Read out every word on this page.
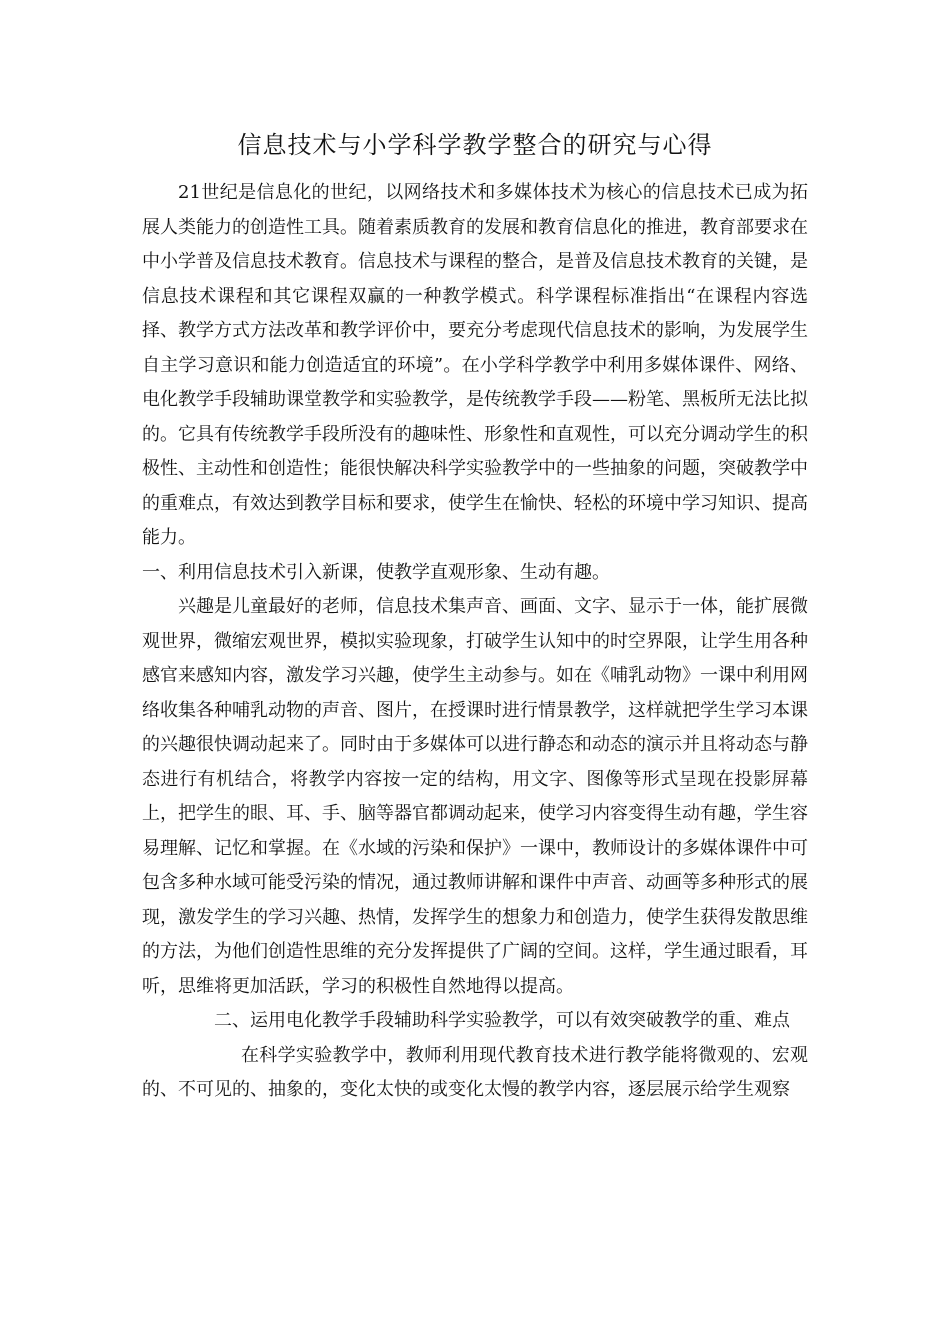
信息技术与小学科学教学整合的研究与心得

21世纪是信息化的世纪，以网络技术和多媒体技术为核心的信息技术已成为拓展人类能力的创造性工具。随着素质教育的发展和教育信息化的推进，教育部要求在中小学普及信息技术教育。信息技术与课程的整合，是普及信息技术教育的关键，是信息技术课程和其它课程双赢的一种教学模式。科学课程标准指出“在课程内容选择、教学方式方法改革和教学评价中，要充分考虑现代信息技术的影响，为发展学生自主学习意识和能力创造适宜的环境”。在小学科学教学中利用多媒体课件、网络、电化教学手段辅助课堂教学和实验教学，是传统教学手段——粉笔、黑板所无法比拟的。它具有传统教学手段所没有的趣味性、形象性和直观性，可以充分调动学生的积极性、主动性和创造性；能很快解决科学实验教学中的一些抽象的问题，突破教学中的重难点，有效达到教学目标和要求，使学生在愉快、轻松的环境中学习知识、提高能力。

一、利用信息技术引入新课，使教学直观形象、生动有趣。

兴趣是儿童最好的老师，信息技术集声音、画面、文字、显示于一体，能扩展微观世界，微缩宏观世界，模拟实验现象，打破学生认知中的时空界限，让学生用各种感官来感知内容，激发学习兴趣，使学生主动参与。如在《哺乳动物》一课中利用网络收集各种哺乳动物的声音、图片，在授课时进行情景教学，这样就把学生学习本课的兴趣很快调动起来了。同时由于多媒体可以进行静态和动态的演示并且将动态与静态进行有机结合，将教学内容按一定的结构，用文字、图像等形式呈现在投影屏幕上，把学生的眼、耳、手、脑等器官都调动起来，使学习内容变得生动有趣，学生容易理解、记忆和掌握。在《水域的污染和保护》一课中，教师设计的多媒体课件中可包含多种水域可能受污染的情况，通过教师讲解和课件中声音、动画等多种形式的展现，激发学生的学习兴趣、热情，发挥学生的想象力和创造力，使学生获得发散思维的方法，为他们创造性思维的充分发挥提供了广阔的空间。这样，学生通过眼看，耳听，思维将更加活跃，学习的积极性自然地得以提高。

二、运用电化教学手段辅助科学实验教学，可以有效突破教学的重、难点

在科学实验教学中，教师利用现代教育技术进行教学能将微观的、宏观的、不可见的、抽象的，变化太快的或变化太慢的教学内容，逐层展示给学生观察
